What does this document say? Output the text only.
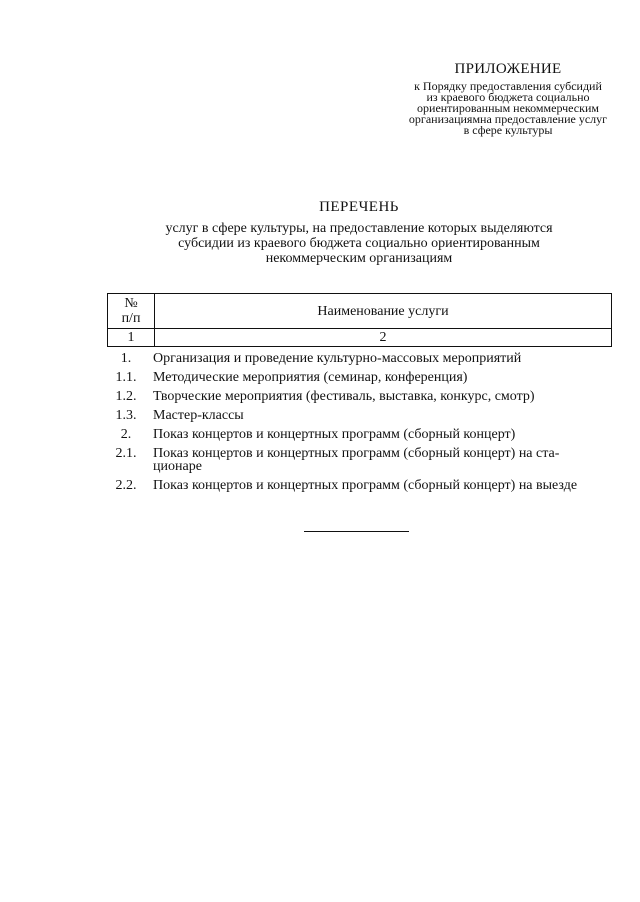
ПРИЛОЖЕНИЕ
к Порядку предоставления субсидий
из краевого бюджета социально
ориентированным некоммерческим
организациямна предоставление услуг
в сфере культуры
ПЕРЕЧЕНЬ
услуг в сфере культуры, на предоставление которых выделяются
субсидии из краевого бюджета социально ориентированным
некоммерческим организациям
№
п/п	Наименование услуги
1	2
1.	Организация и проведение культурно-массовых мероприятий
1.1.	Методические мероприятия (семинар, конференция)
1.2.	Творческие мероприятия (фестиваль, выставка, конкурс, смотр)
1.3.	Мастер-классы
2.	Показ концертов и концертных программ (сборный концерт)
2.1.	Показ концертов и концертных программ (сборный концерт) на ста-
ционаре
2.2.	Показ концертов и концертных программ (сборный концерт) на выезде
